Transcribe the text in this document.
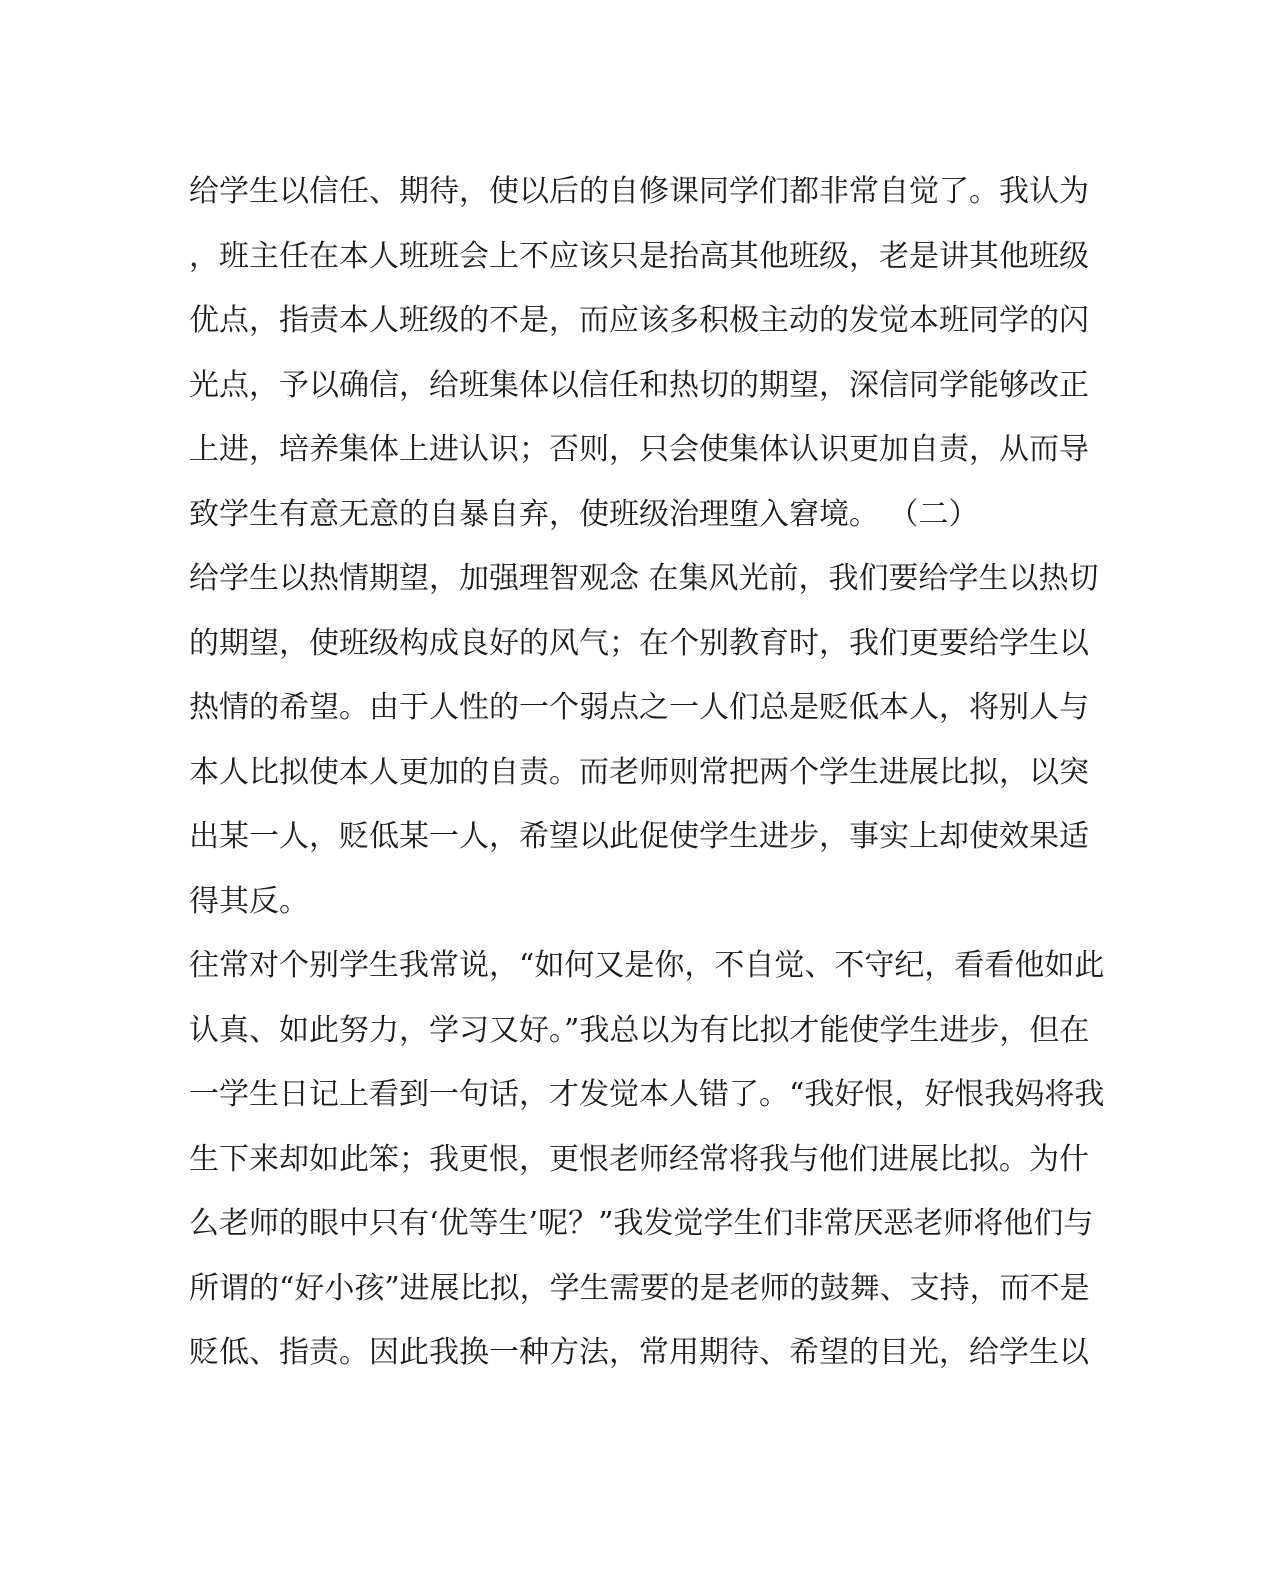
给学生以信任、期待，使以后的自修课同学们都非常自觉了。我认为
，班主任在本人班班会上不应该只是抬高其他班级，老是讲其他班级
优点，指责本人班级的不是，而应该多积极主动的发觉本班同学的闪
光点，予以确信，给班集体以信任和热切的期望，深信同学能够改正
上进，培养集体上进认识；否则，只会使集体认识更加自责，从而导
致学生有意无意的自暴自弃，使班级治理堕入窘境。 （二）
给学生以热情期望，加强理智观念 在集风光前，我们要给学生以热切
的期望，使班级构成良好的风气；在个别教育时，我们更要给学生以
热情的希望。由于人性的一个弱点之一人们总是贬低本人，将别人与
本人比拟使本人更加的自责。而老师则常把两个学生进展比拟，以突
出某一人，贬低某一人，希望以此促使学生进步，事实上却使效果适
得其反。
往常对个别学生我常说，“如何又是你，不自觉、不守纪，看看他如此
认真、如此努力，学习又好。”我总以为有比拟才能使学生进步，但在
一学生日记上看到一句话，才发觉本人错了。“我好恨，好恨我妈将我
生下来却如此笨；我更恨，更恨老师经常将我与他们进展比拟。为什
么老师的眼中只有‘优等生’呢？”我发觉学生们非常厌恶老师将他们与
所谓的“好小孩”进展比拟，学生需要的是老师的鼓舞、支持，而不是
贬低、指责。因此我换一种方法，常用期待、希望的目光，给学生以
